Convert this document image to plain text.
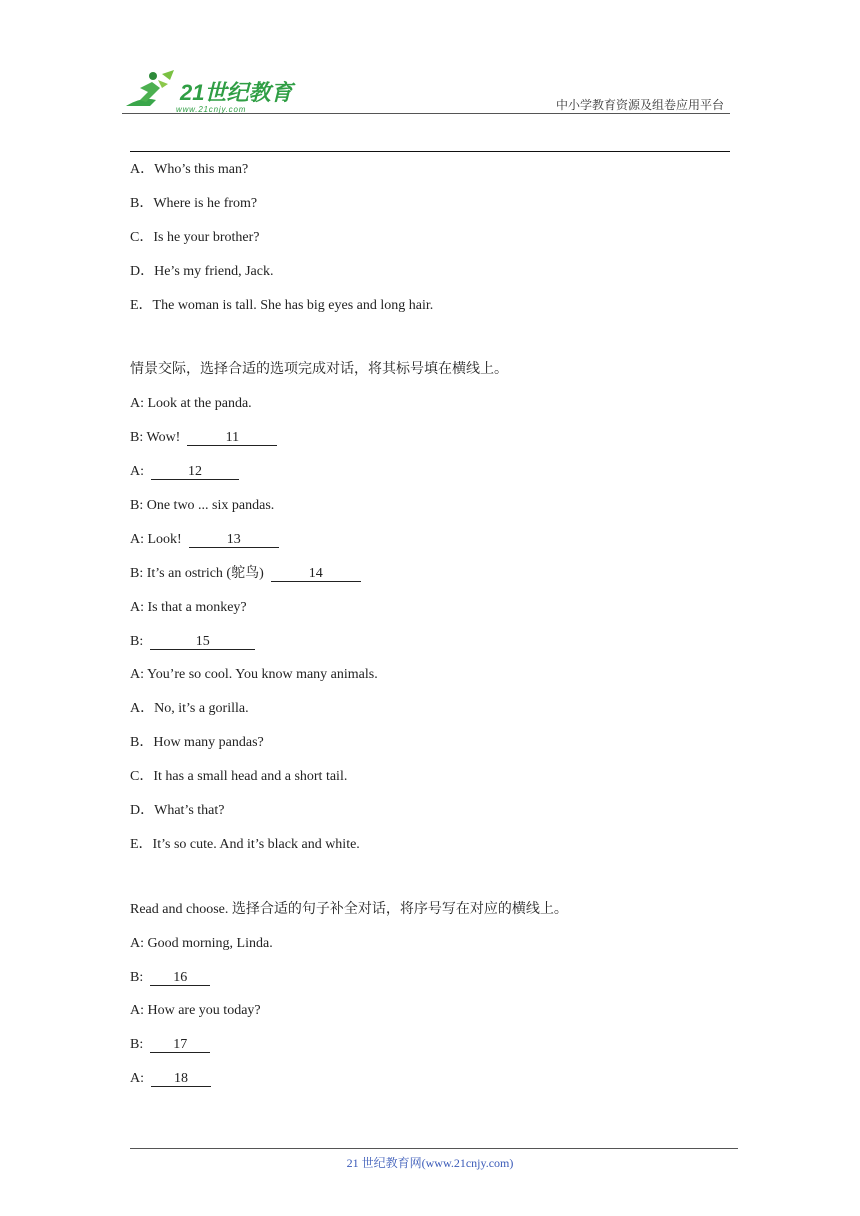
21世纪教育
www.21cnjy.com	中小学教育资源及组卷应用平台
A．Who’s this man?
B．Where is he from?
C．Is he your brother?
D．He’s my friend, Jack.
E．The woman is tall. She has big eyes and long hair.
情景交际，选择合适的选项完成对话，将其标号填在横线上。
A: Look at the panda.
B: Wow!	11
A:	12
B: One two ... six pandas.
A: Look!	13
B: It’s an ostrich (鸵鸟)	14
A: Is that a monkey?
B:	15
A: You’re so cool. You know many animals.
A．No, it’s a gorilla.
B．How many pandas?
C．It has a small head and a short tail.
D．What’s that?
E．It’s so cute. And it’s black and white.
Read and choose. 选择合适的句子补全对话，将序号写在对应的横线上。
A: Good morning, Linda.
B:  16
A: How are you today?
B:  17
A:  18
21 世纪教育网(www.21cnjy.com)
